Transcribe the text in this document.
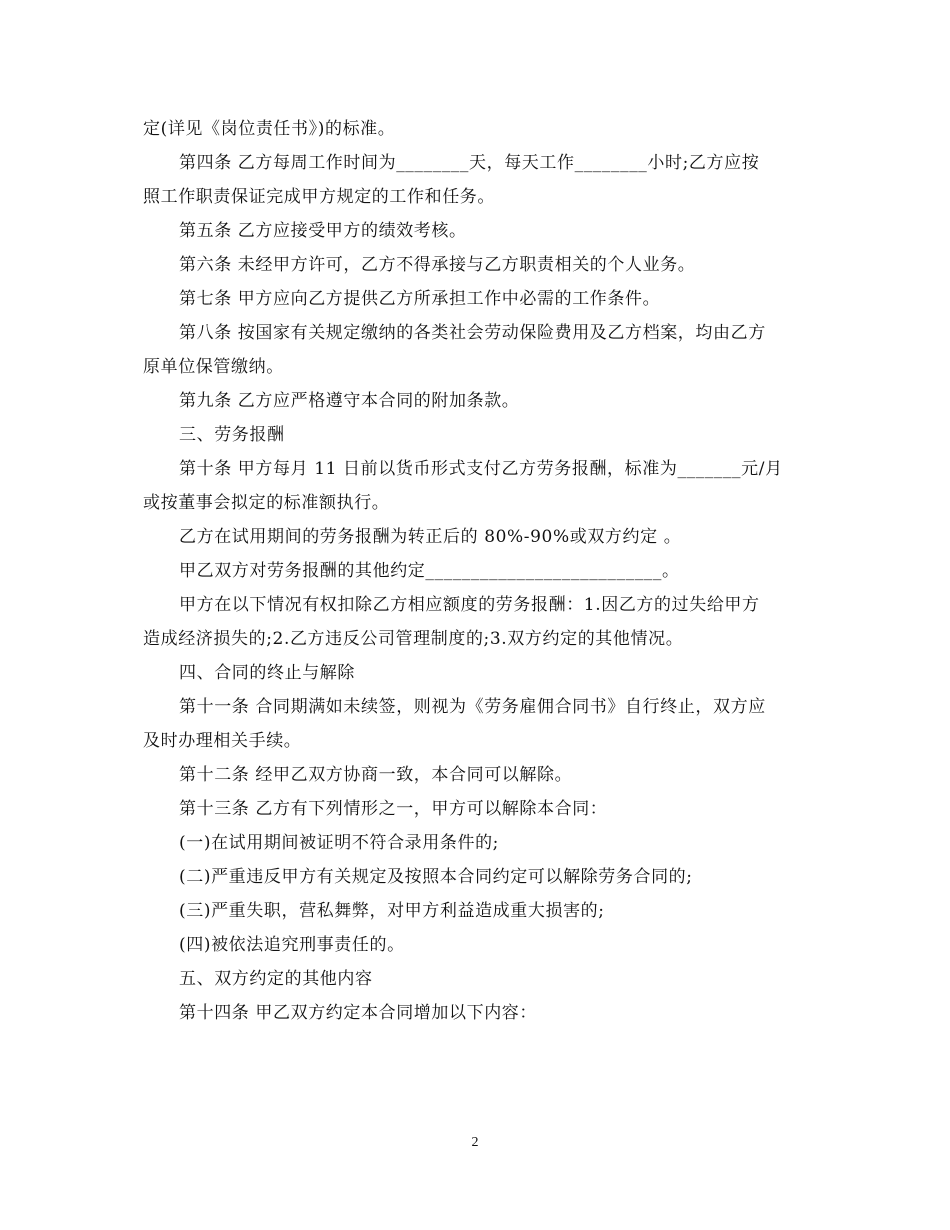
定(详见《岗位责任书》)的标准。
第四条 乙方每周工作时间为________天，每天工作________小时;乙方应按
照工作职责保证完成甲方规定的工作和任务。
第五条 乙方应接受甲方的绩效考核。
第六条 未经甲方许可，乙方不得承接与乙方职责相关的个人业务。
第七条 甲方应向乙方提供乙方所承担工作中必需的工作条件。
第八条 按国家有关规定缴纳的各类社会劳动保险费用及乙方档案，均由乙方
原单位保管缴纳。
第九条 乙方应严格遵守本合同的附加条款。
三、劳务报酬
第十条 甲方每月 11 日前以货币形式支付乙方劳务报酬，标准为_______元/月
或按董事会拟定的标准额执行。
乙方在试用期间的劳务报酬为转正后的 80%-90%或双方约定 。
甲乙双方对劳务报酬的其他约定__________________________。
甲方在以下情况有权扣除乙方相应额度的劳务报酬：1.因乙方的过失给甲方
造成经济损失的;2.乙方违反公司管理制度的;3.双方约定的其他情况。
四、合同的终止与解除
第十一条 合同期满如未续签，则视为《劳务雇佣合同书》自行终止，双方应
及时办理相关手续。
第十二条 经甲乙双方协商一致，本合同可以解除。
第十三条 乙方有下列情形之一，甲方可以解除本合同：
(一)在试用期间被证明不符合录用条件的;
(二)严重违反甲方有关规定及按照本合同约定可以解除劳务合同的;
(三)严重失职，营私舞弊，对甲方利益造成重大损害的;
(四)被依法追究刑事责任的。
五、双方约定的其他内容
第十四条 甲乙双方约定本合同增加以下内容：
2
